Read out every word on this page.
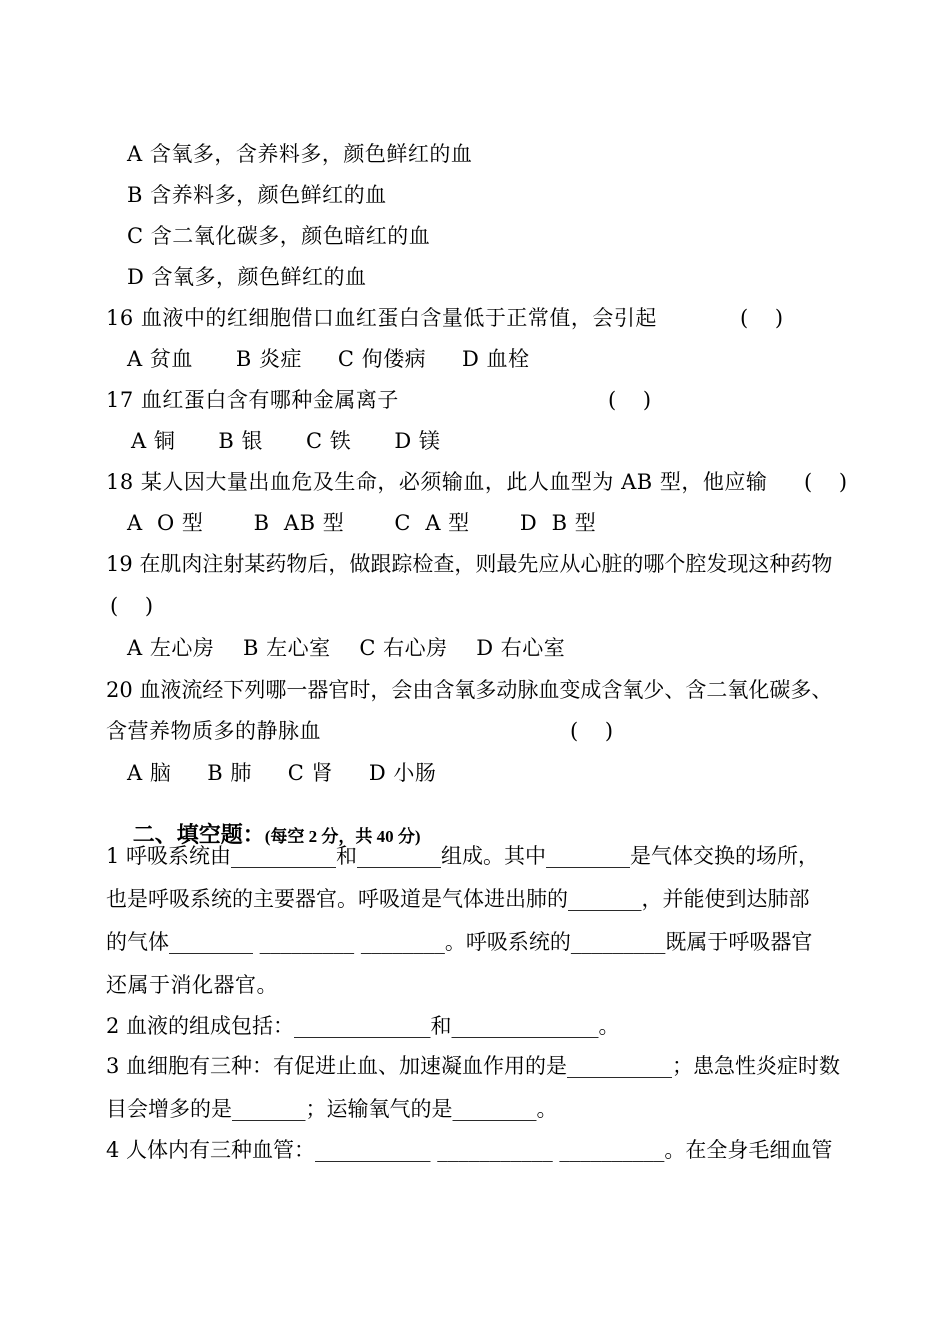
A 含氧多，含养料多，颜色鲜红的血
B 含养料多，颜色鲜红的血
C 含二氧化碳多，颜色暗红的血
D 含氧多，颜色鲜红的血
16 血液中的红细胞借口血红蛋白含量低于正常值，会引起	(    )
A 贫血      B 炎症     C 佝偻病     D 血栓
17 血红蛋白含有哪种金属离子	(    )
A 铜      B 银      C 铁      D 镁
18 某人因大量出血危及生命，必须输血，此人血型为 AB 型，他应输 (    )
A  O 型       B  AB 型       C  A 型       D  B 型
19 在肌肉注射某药物后，做跟踪检查，则最先应从心脏的哪个腔发现这种药物
(    )
A 左心房    B 左心室    C 右心房    D 右心室
20 血液流经下列哪一器官时，会由含氧多动脉血变成含氧少、含二氧化碳多、
含营养物质多的静脉血	(    )
A 脑     B 肺     C 肾     D 小肠

二、填空题：(每空 2 分，共 40 分)

1 呼吸系统由__________和________组成。其中________是气体交换的场所，
也是呼吸系统的主要器官。呼吸道是气体进出肺的_______，并能使到达肺部
的气体________ _________ ________。呼吸系统的_________既属于呼吸器官
还属于消化器官。
2 血液的组成包括：_____________和______________。
3 血细胞有三种：有促进止血、加速凝血作用的是__________；患急性炎症时数
目会增多的是_______；运输氧气的是________。
4 人体内有三种血管：___________ ___________ __________。在全身毛细血管
